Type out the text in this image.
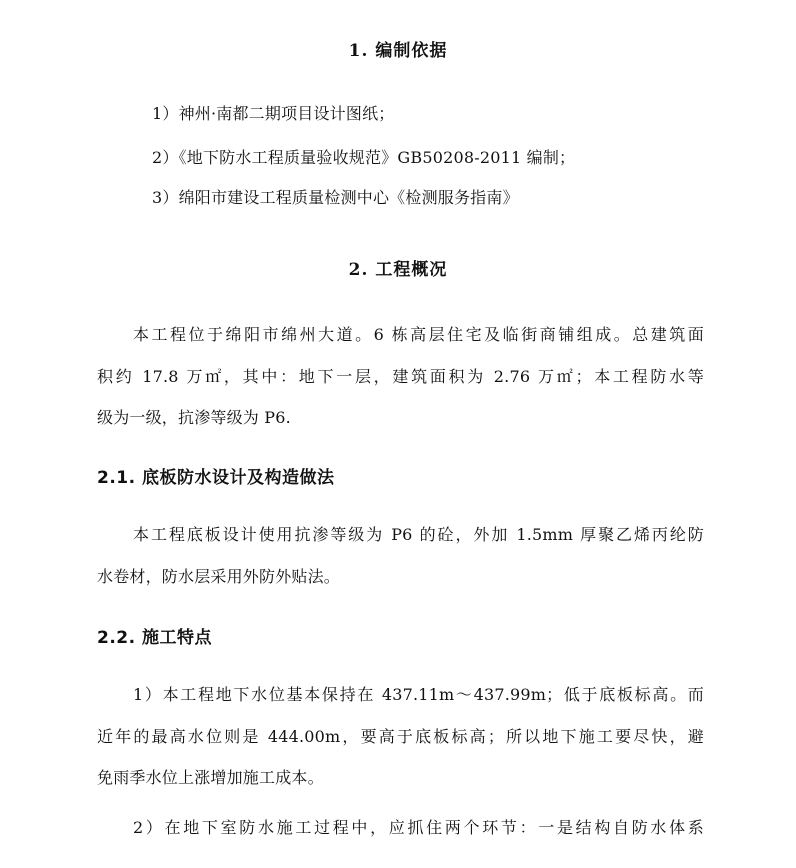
1. 编制依据
1）神州·南都二期项目设计图纸；
2）《地下防水工程质量验收规范》GB50208-2011 编制；
3）绵阳市建设工程质量检测中心《检测服务指南》
2. 工程概况
本工程位于绵阳市绵州大道。6 栋高层住宅及临街商铺组成。总建筑面
积约 17.8 万㎡，其中：地下一层，建筑面积为 2.76 万㎡；本工程防水等
级为一级，抗渗等级为 P6.
2.1. 底板防水设计及构造做法
本工程底板设计使用抗渗等级为 P6 的砼，外加 1.5mm 厚聚乙烯丙纶防
水卷材，防水层采用外防外贴法。
2.2. 施工特点
1）本工程地下水位基本保持在 437.11m～437.99m；低于底板标高。而
近年的最高水位则是 444.00m，要高于底板标高；所以地下施工要尽快，避
免雨季水位上涨增加施工成本。
2）在地下室防水施工过程中，应抓住两个环节：一是结构自防水体系
